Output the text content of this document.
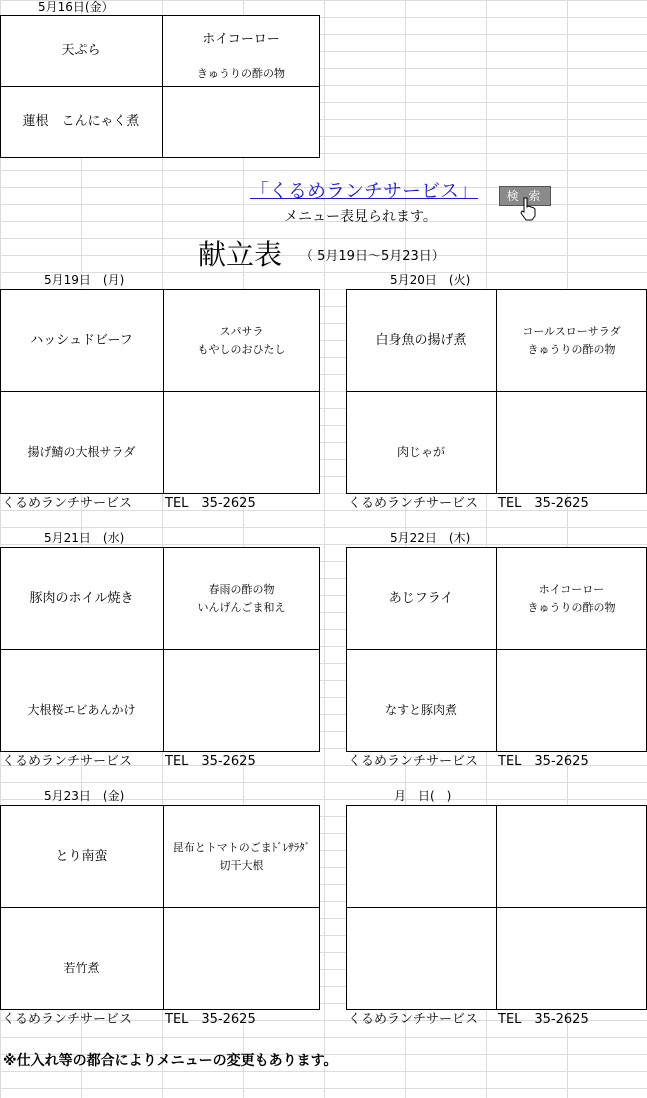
5月16日(金）
天ぷら
ホイコーロー
きゅうりの酢の物
蓮根　こんにゃく煮
「くるめランチサービス」	検 索
メニュー表見られます。
献立表 （ 5月19日～5月23日）
5月19日　(月)
ハッシュドビーフ
スパサラ
もやしのおひたし
揚げ鯖の大根サラダ
くるめランチサービス	TEL　35-2625
5月20日　(火)
白身魚の揚げ煮
コールスローサラダ
きゅうりの酢の物
肉じゃが
くるめランチサービス TEL　35-2625
5月21日　(水)
豚肉のホイル焼き
春雨の酢の物
いんげんごま和え
大根桜エビあんかけ
くるめランチサービス	TEL　35-2625
5月22日　(木)
あじフライ
ホイコーロー
きゅうりの酢の物
なすと豚肉煮
くるめランチサービス TEL　35-2625
5月23日　(金)
とり南蛮
昆布とトマトのごまﾄﾞﾚｻﾗﾀﾞ
切干大根
若竹煮
くるめランチサービス	TEL　35-2625
月　日(　)
くるめランチサービス TEL　35-2625
※仕入れ等の都合によりメニューの変更もあります。
